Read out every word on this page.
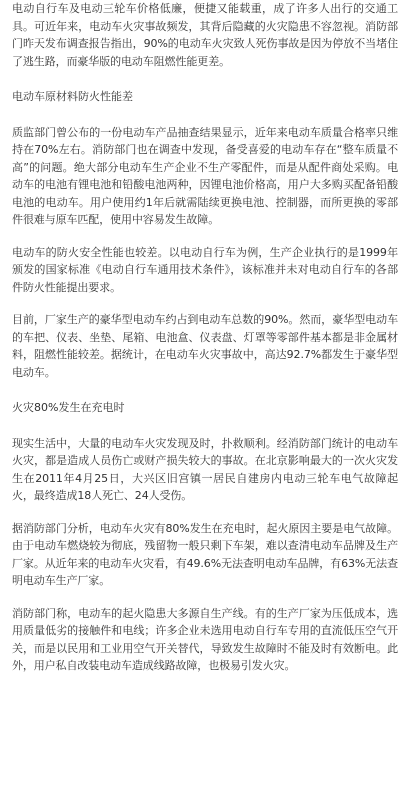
电动自行车及电动三轮车价格低廉，便捷又能载重，成了许多人出行的交通工具。可近年来，电动车火灾事故频发，其背后隐藏的火灾隐患不容忽视。消防部门昨天发布调查报告指出，90%的电动车火灾致人死伤事故是因为停放不当堵住了逃生路，而豪华版的电动车阻燃性能更差。

电动车原材料防火性能差

质监部门曾公布的一份电动车产品抽查结果显示，近年来电动车质量合格率只维持在70%左右。消防部门也在调查中发现，备受喜爱的电动车存在“整车质量不高”的问题。绝大部分电动车生产企业不生产零配件，而是从配件商处采购。电动车的电池有锂电池和铅酸电池两种，因锂电池价格高，用户大多购买配备铅酸电池的电动车。用户使用约1年后就需陆续更换电池、控制器，而所更换的零部件很难与原车匹配，使用中容易发生故障。

电动车的防火安全性能也较差。以电动自行车为例，生产企业执行的是1999年颁发的国家标准《电动自行车通用技术条件》，该标准并未对电动自行车的各部件防火性能提出要求。

目前，厂家生产的豪华型电动车约占到电动车总数的90%。然而，豪华型电动车的车把、仪表、坐垫、尾箱、电池盒、仪表盘、灯罩等零部件基本都是非金属材料，阻燃性能较差。据统计，在电动车火灾事故中，高达92.7%都发生于豪华型电动车。

火灾80%发生在充电时

现实生活中，大量的电动车火灾发现及时，扑救顺利。经消防部门统计的电动车火灾，都是造成人员伤亡或财产损失较大的事故。在北京影响最大的一次火灾发生在2011年4月25日，大兴区旧宫镇一居民自建房内电动三轮车电气故障起火，最终造成18人死亡、24人受伤。

据消防部门分析，电动车火灾有80%发生在充电时，起火原因主要是电气故障。由于电动车燃烧较为彻底，残留物一般只剩下车架，难以查清电动车品牌及生产厂家。从近年来的电动车火灾看，有49.6%无法查明电动车品牌，有63%无法查明电动车生产厂家。

消防部门称，电动车的起火隐患大多源自生产线。有的生产厂家为压低成本，选用质量低劣的接触件和电线；许多企业未选用电动自行车专用的直流低压空气开关，而是以民用和工业用空气开关替代，导致发生故障时不能及时有效断电。此外，用户私自改装电动车造成线路故障，也极易引发火灾。
